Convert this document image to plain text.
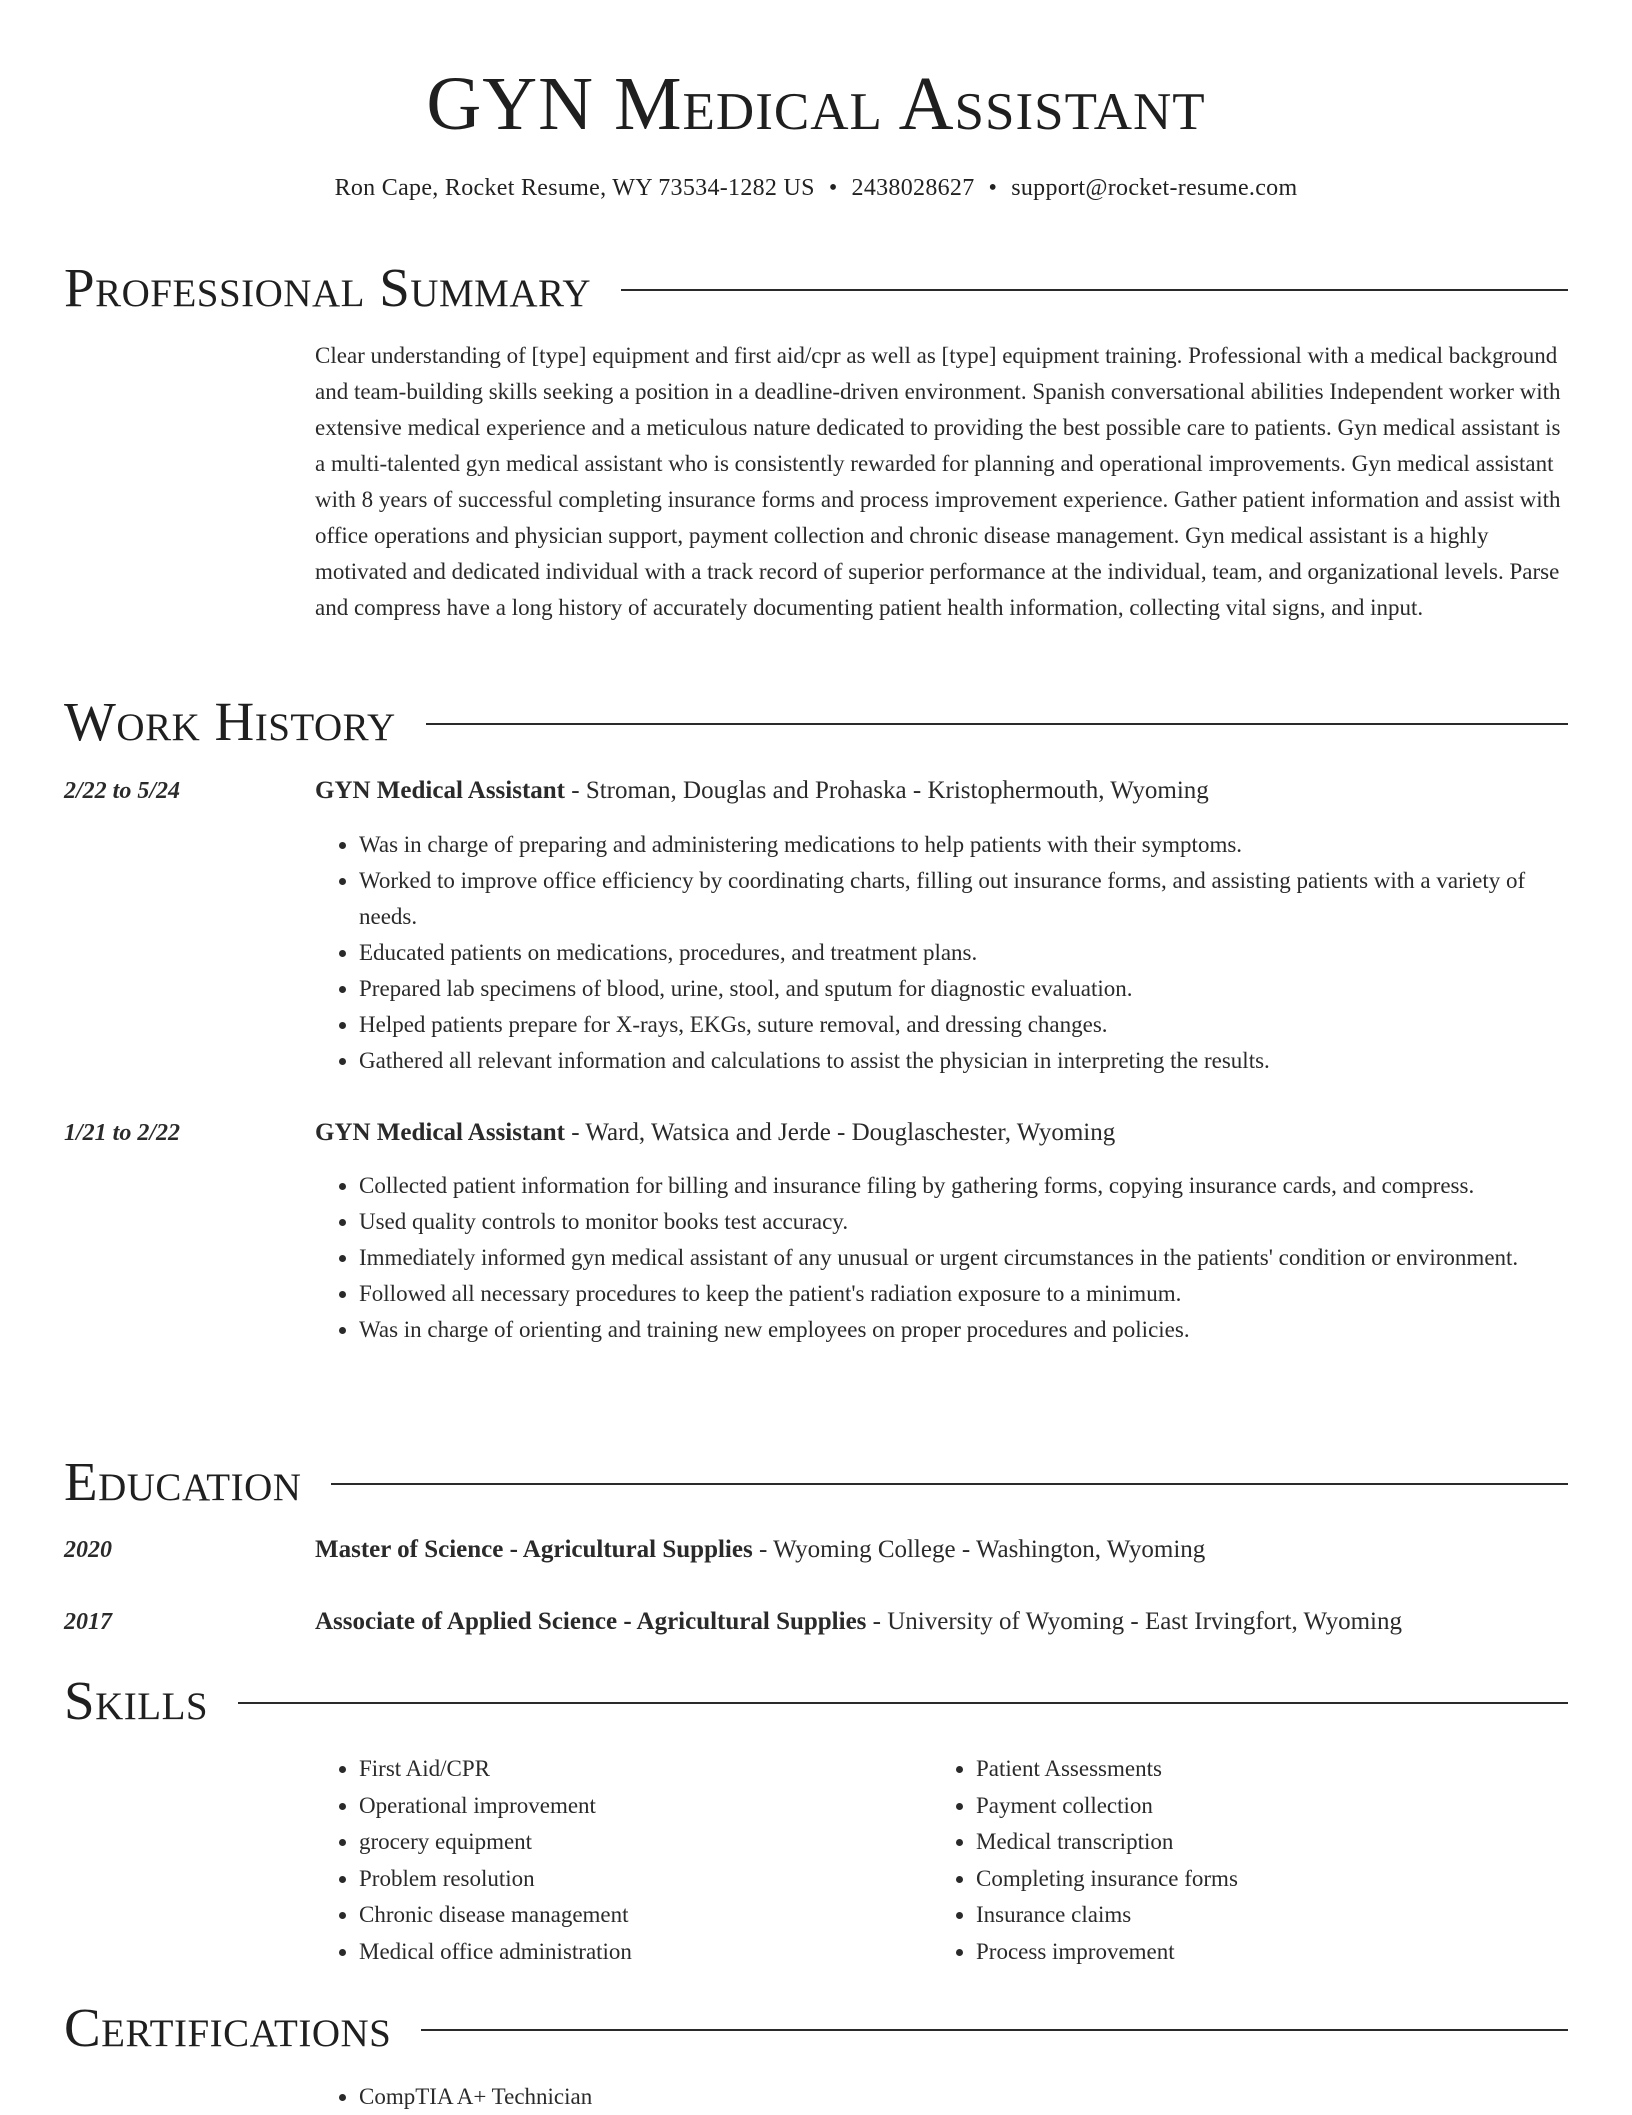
GYN Medical Assistant
Ron Cape, Rocket Resume, WY 73534-1282 US • 2438028627 • support@rocket-resume.com
Professional Summary
Clear understanding of [type] equipment and first aid/cpr as well as [type] equipment training. Professional with a medical background and team-building skills seeking a position in a deadline-driven environment. Spanish conversational abilities Independent worker with extensive medical experience and a meticulous nature dedicated to providing the best possible care to patients. Gyn medical assistant is a multi-talented gyn medical assistant who is consistently rewarded for planning and operational improvements. Gyn medical assistant with 8 years of successful completing insurance forms and process improvement experience. Gather patient information and assist with office operations and physician support, payment collection and chronic disease management. Gyn medical assistant is a highly motivated and dedicated individual with a track record of superior performance at the individual, team, and organizational levels. Parse and compress have a long history of accurately documenting patient health information, collecting vital signs, and input.
Work History
2/22 to 5/24	GYN Medical Assistant - Stroman, Douglas and Prohaska - Kristophermouth, Wyoming
• Was in charge of preparing and administering medications to help patients with their symptoms.
• Worked to improve office efficiency by coordinating charts, filling out insurance forms, and assisting patients with a variety of needs.
• Educated patients on medications, procedures, and treatment plans.
• Prepared lab specimens of blood, urine, stool, and sputum for diagnostic evaluation.
• Helped patients prepare for X-rays, EKGs, suture removal, and dressing changes.
• Gathered all relevant information and calculations to assist the physician in interpreting the results.
1/21 to 2/22	GYN Medical Assistant - Ward, Watsica and Jerde - Douglaschester, Wyoming
• Collected patient information for billing and insurance filing by gathering forms, copying insurance cards, and compress.
• Used quality controls to monitor books test accuracy.
• Immediately informed gyn medical assistant of any unusual or urgent circumstances in the patients' condition or environment.
• Followed all necessary procedures to keep the patient's radiation exposure to a minimum.
• Was in charge of orienting and training new employees on proper procedures and policies.
Education
2020	Master of Science - Agricultural Supplies - Wyoming College - Washington, Wyoming
2017	Associate of Applied Science - Agricultural Supplies - University of Wyoming - East Irvingfort, Wyoming
Skills
• First Aid/CPR
• Operational improvement
• grocery equipment
• Problem resolution
• Chronic disease management
• Medical office administration
• Patient Assessments
• Payment collection
• Medical transcription
• Completing insurance forms
• Insurance claims
• Process improvement
Certifications
• CompTIA A+ Technician
